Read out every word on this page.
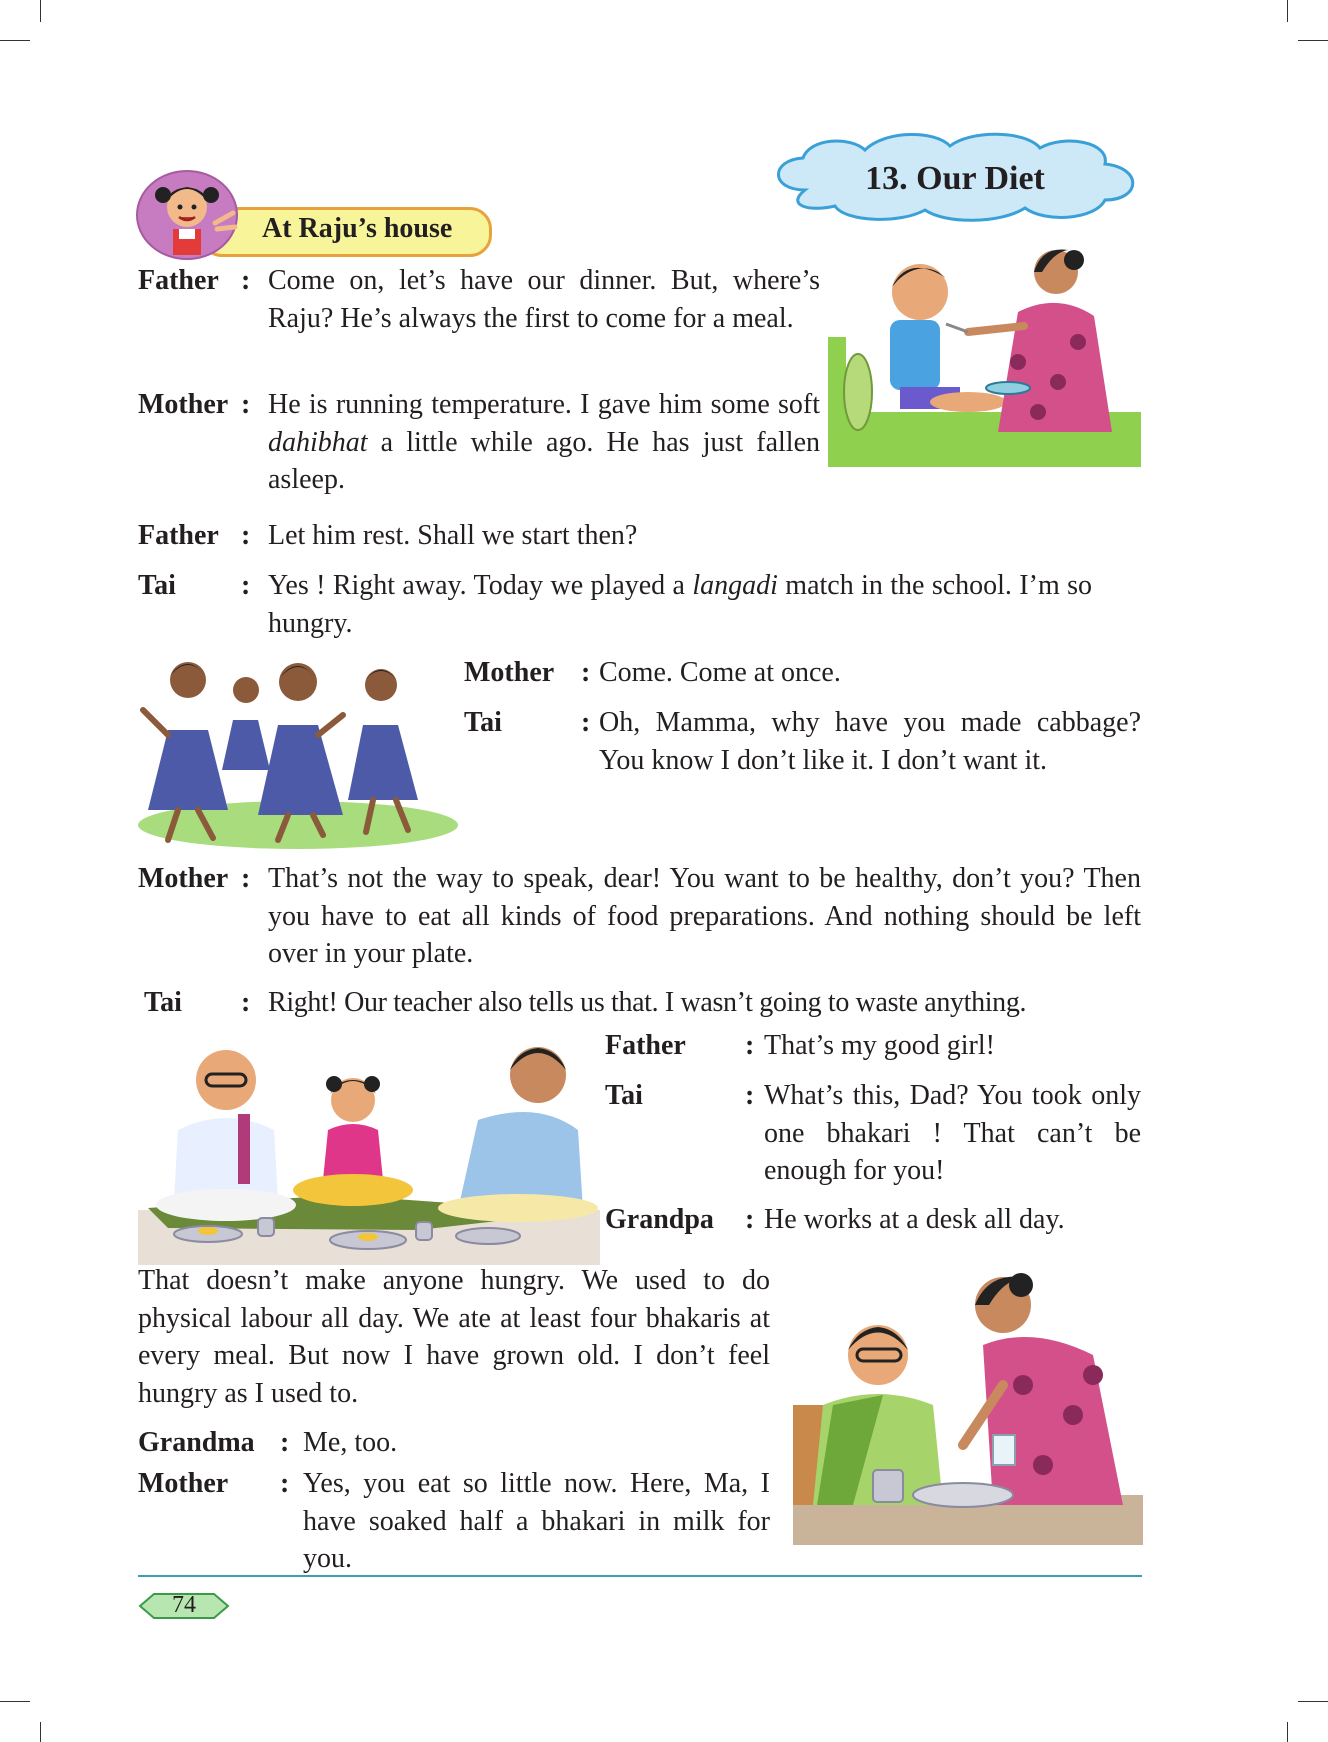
13. Our Diet
At Raju’s house
Father : Come on, let’s have our dinner. But, where’s Raju? He’s always the first to come for a meal.
Mother : He is running temperature. I gave him some soft dahibhat a little while ago. He has just fallen asleep.
Father : Let him rest. Shall we start then?
Tai : Yes ! Right away. Today we played a langadi match in the school. I’m so hungry.
Mother : Come. Come at once.
Tai	: Oh, Mamma, why have you made cabbage? You know I don’t like it. I don’t want it.
Mother : That’s not the way to speak, dear! You want to be healthy, don’t you? Then you have to eat all kinds of food preparations. And nothing should be left over in your plate.
Tai : Right! Our teacher also tells us that. I wasn’t going to waste anything.
Father : That’s my good girl!
Tai	: What’s this, Dad? You took only one bhakari ! That can’t be enough for you!
Grandpa : He works at a desk all day.
That doesn’t make anyone hungry. We used to do physical labour all day. We ate at least four bhakaris at every meal. But now I have grown old. I don’t feel hungry as I used to.
Grandma : Me, too.
Mother : Yes, you eat so little now. Here, Ma, I have soaked half a bhakari in milk for you.
74
